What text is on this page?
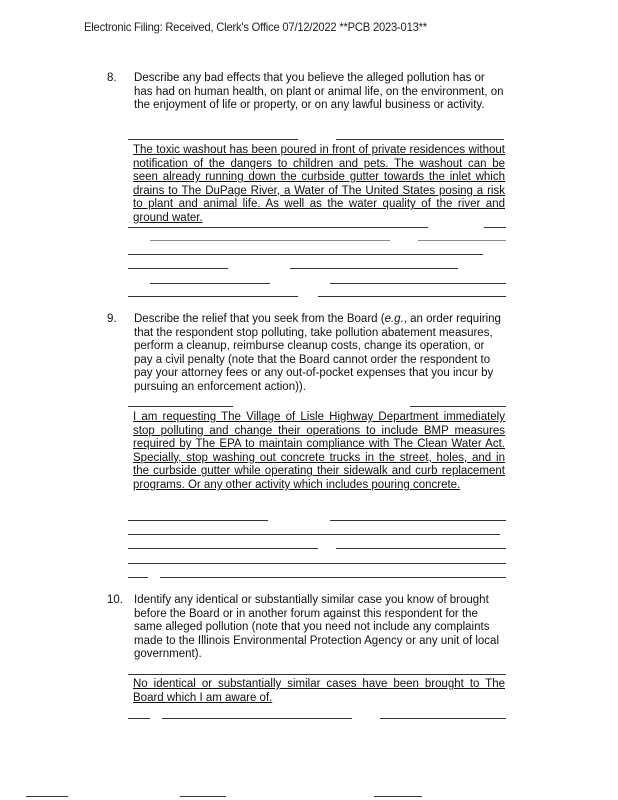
Electronic Filing: Received, Clerk's Office 07/12/2022 **PCB 2023-013**
8. Describe any bad effects that you believe the alleged pollution has or has had on human health, on plant or animal life, on the environment, on the enjoyment of life or property, or on any lawful business or activity.
The toxic washout has been poured in front of private residences without notification of the dangers to children and pets. The washout can be seen already running down the curbside gutter towards the inlet which drains to The DuPage River, a Water of The United States posing a risk to plant and animal life. As well as the water quality of the river and ground water.
9. Describe the relief that you seek from the Board (e.g., an order requiring that the respondent stop polluting, take pollution abatement measures, perform a cleanup, reimburse cleanup costs, change its operation, or pay a civil penalty (note that the Board cannot order the respondent to pay your attorney fees or any out-of-pocket expenses that you incur by pursuing an enforcement action)).
I am requesting The Village of Lisle Highway Department immediately stop polluting and change their operations to include BMP measures required by The EPA to maintain compliance with The Clean Water Act. Specially, stop washing out concrete trucks in the street, holes, and in the curbside gutter while operating their sidewalk and curb replacement programs. Or any other activity which includes pouring concrete.
10. Identify any identical or substantially similar case you know of brought before the Board or in another forum against this respondent for the same alleged pollution (note that you need not include any complaints made to the Illinois Environmental Protection Agency or any unit of local government).
No identical or substantially similar cases have been brought to The Board which I am aware of.
